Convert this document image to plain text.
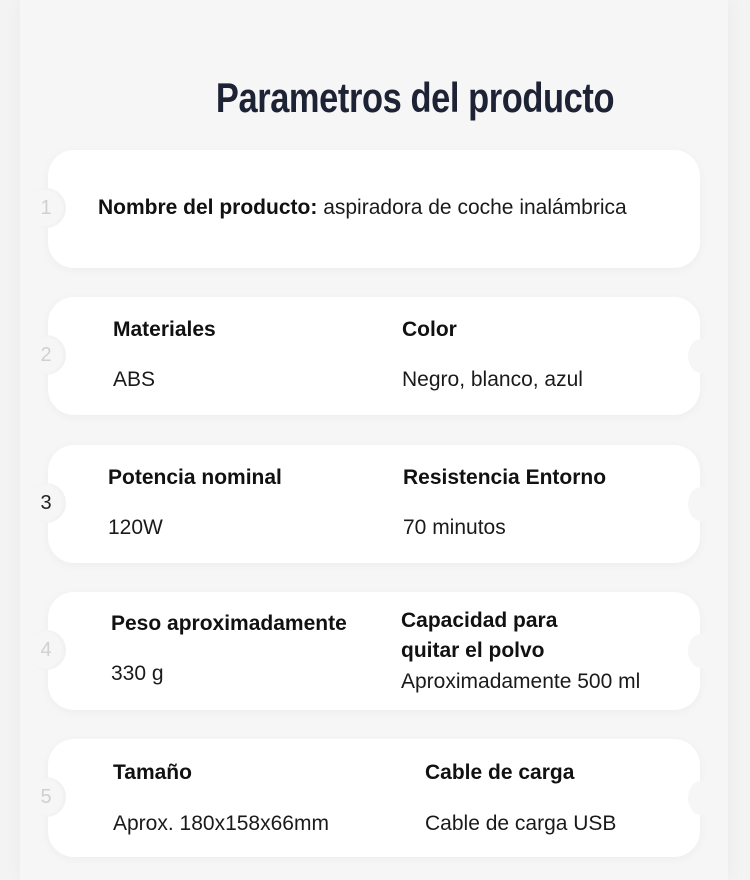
Parametros del producto
1	Nombre del producto: aspiradora de coche inalámbrica
2
Materiales
ABS
Color
Negro, blanco, azul
3
Potencia nominal
120W
Resistencia Entorno
70 minutos
4
Peso aproximadamente
330 g
Capacidad para
quitar el polvo
Aproximadamente 500 ml
5
Tamaño
Aprox. 180x158x66mm
Cable de carga
Cable de carga USB
